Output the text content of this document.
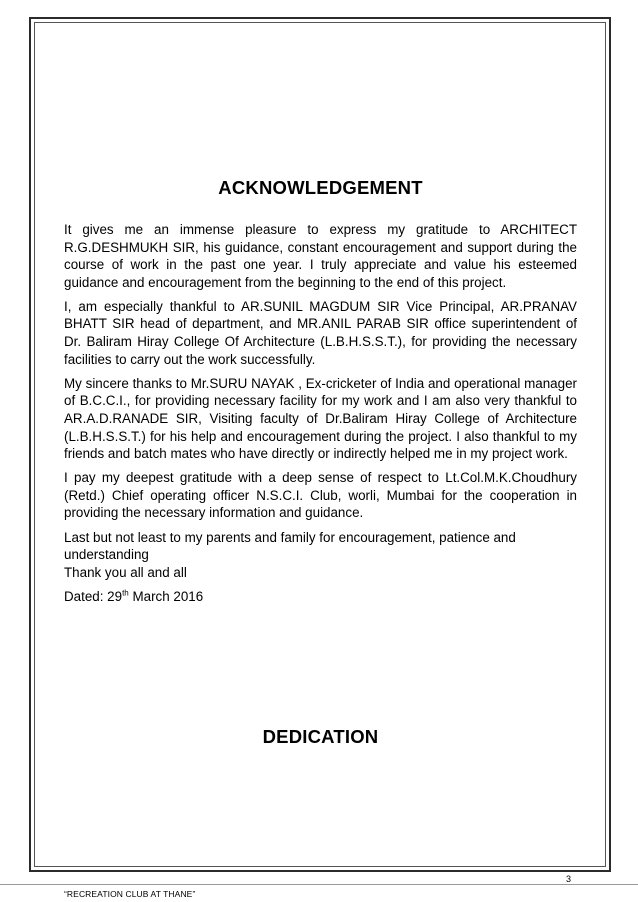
ACKNOWLEDGEMENT

It gives me an immense pleasure to express my gratitude to ARCHITECT R.G.DESHMUKH SIR, his guidance, constant encouragement and support during the course of work in the past one year. I truly appreciate and value his esteemed guidance and encouragement from the beginning to the end of this project.

I, am especially thankful to AR.SUNIL MAGDUM SIR Vice Principal, AR.PRANAV BHATT SIR head of department, and MR.ANIL PARAB SIR office superintendent of Dr. Baliram Hiray College Of Architecture (L.B.H.S.S.T.), for providing the necessary facilities to carry out the work successfully.

My sincere thanks to Mr.SURU NAYAK , Ex-cricketer of India and operational manager of B.C.C.I., for providing necessary facility for my work and I am also very thankful to AR.A.D.RANADE SIR, Visiting faculty of Dr.Baliram Hiray College of Architecture (L.B.H.S.S.T.) for his help and encouragement during the project. I also thankful to my friends and batch mates who have directly or indirectly helped me in my project work.

I pay my deepest gratitude with a deep sense of respect to Lt.Col.M.K.Choudhury (Retd.) Chief operating officer N.S.C.I. Club, worli, Mumbai for the cooperation in providing the necessary information and guidance.

Last but not least to my parents and family for encouragement, patience and understanding

Thank you all and all

Dated: 29th March 2016

DEDICATION
3
“RECREATION CLUB AT THANE”
